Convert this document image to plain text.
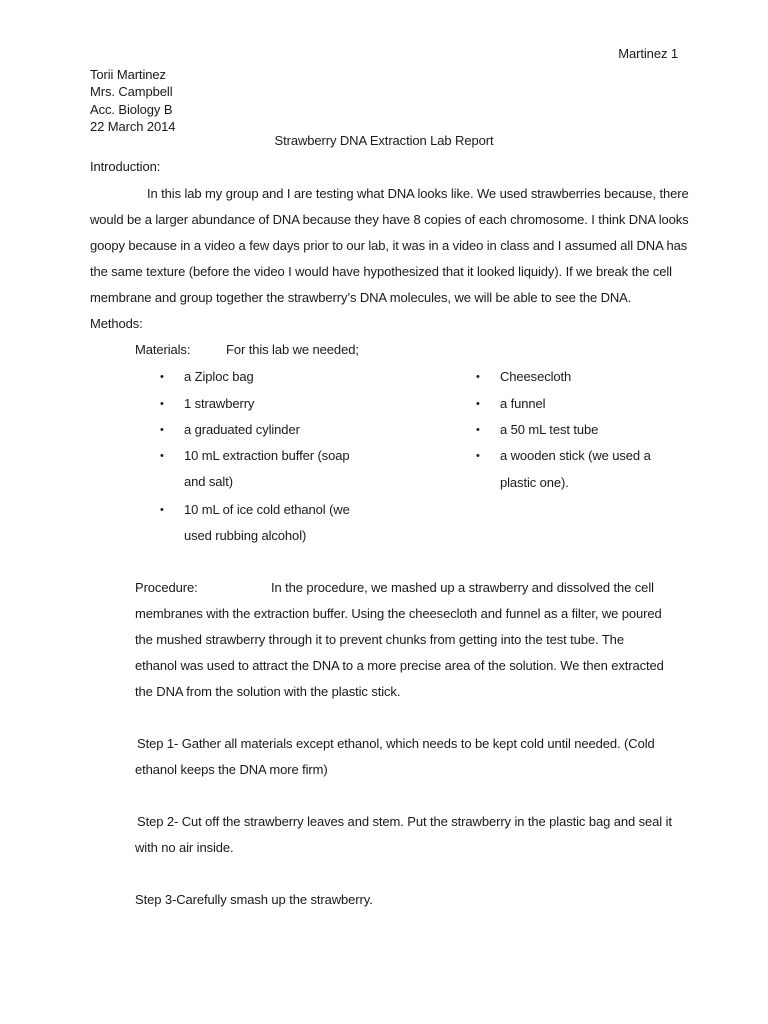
Martinez 1
Torii Martinez
Mrs. Campbell
Acc. Biology B
22 March 2014
Strawberry DNA Extraction Lab Report
Introduction:
In this lab my group and I are testing what DNA looks like. We used strawberries because, there
would be a larger abundance of DNA because they have 8 copies of each chromosome. I think DNA looks
goopy because in a video a few days prior to our lab, it was in a video in class and I assumed all DNA has
the same texture (before the video I would have hypothesized that it looked liquidy). If we break the cell
membrane and group together the strawberry’s DNA molecules, we will be able to see the DNA.
Methods:
Materials:	For this lab we needed;
• a Ziploc bag
• 1 strawberry
• a graduated cylinder
• 10 mL extraction buffer (soap
and salt)
• 10 mL of ice cold ethanol (we
used rubbing alcohol)
• Cheesecloth
• a funnel
• a 50 mL test tube
• a wooden stick (we used a
plastic one).
Procedure:	In the procedure, we mashed up a strawberry and dissolved the cell
membranes with the extraction buffer. Using the cheesecloth and funnel as a filter, we poured
the mushed strawberry through it to prevent chunks from getting into the test tube. The
ethanol was used to attract the DNA to a more precise area of the solution. We then extracted
the DNA from the solution with the plastic stick.
Step 1- Gather all materials except ethanol, which needs to be kept cold until needed. (Cold
ethanol keeps the DNA more firm)
Step 2- Cut off the strawberry leaves and stem. Put the strawberry in the plastic bag and seal it
with no air inside.
Step 3-Carefully smash up the strawberry.
